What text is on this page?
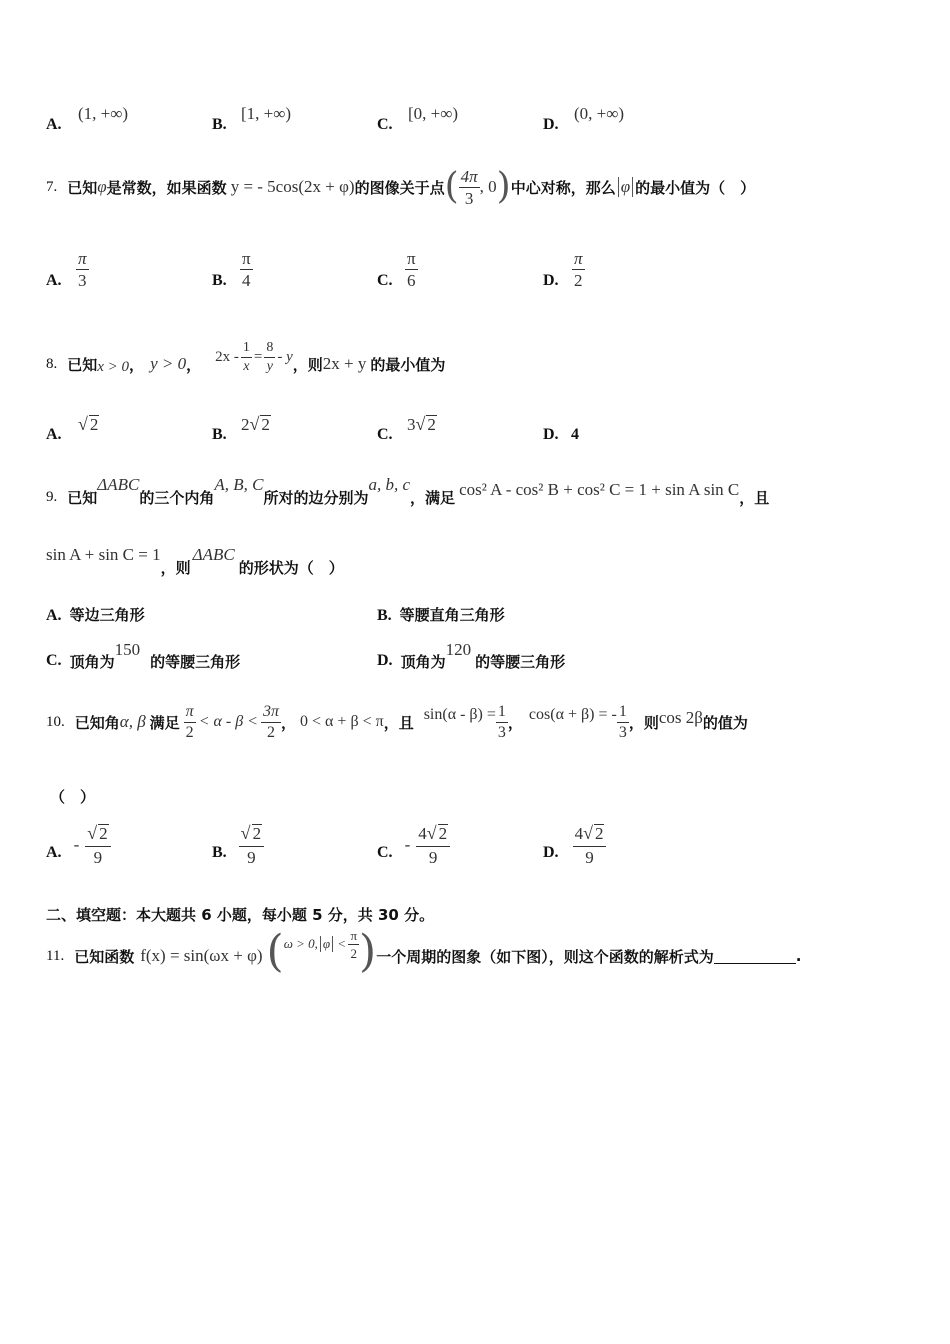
A.
(1, +∞)
B.
[1, +∞)
C.
[0, +∞)
D.
(0, +∞)
7. 已知 φ 是常数，如果函数 y = - 5cos(2x + φ) 的图像关于点 ( $\frac{4\pi}{3}$ , 0 ) 中心对称，那么 φ 的最小值为（　）
A. $\frac{\pi}{3}$	B. $\frac{\pi}{4}$	C. $\frac{\pi}{6}$	D. $\frac{\pi}{2}$
8. 已知 x > 0 ， y > 0 ， $2x - \frac{1}{x} = \frac{8}{y} - y$ ，则 2x + y 的最小值为
A.
√ 2
B.
2√ 2
C.
3√ 2
D. 4
9. 已知
ΔABC
的三个内角
A, B, C
所对的边分别为
a, b, c
，满足 cos² A - cos² B + cos² C = 1 + sin A sin C ，且
sin A + sin C = 1
，则
ΔABC
的形状为（　）
A. 等边三角形	B. 等腰直角三角形
C. 顶角为
150
的等腰三角形	D. 顶角为
120
的等腰三角形
10. 已知角 α, β 满足 $\frac{\pi}{2} < \alpha - \beta < \frac{3\pi}{2}$ ， 0 < α + β < π ，且 $\sin(\alpha - \beta) = \frac{1}{3}$ ， cos(α + β) = - $\frac{1}{3}$ ，则 cos 2β 的值为
（　）
A. - $\frac{√ 2}{9}$	B. $\frac{√ 2}{9}$	C. - $\frac{4√ 2}{9}$	D. $\frac{4√ 2}{9}$
二、填空题：本大题共 6 小题，每小题 5 分，共 30 分。
11. 已知函数 f(x) = sin(ωx + φ) ( ω > 0, $\varphi < \frac{\pi}{2}$ ) 一个周期的图象（如下图），则这个函数的解析式为	.
